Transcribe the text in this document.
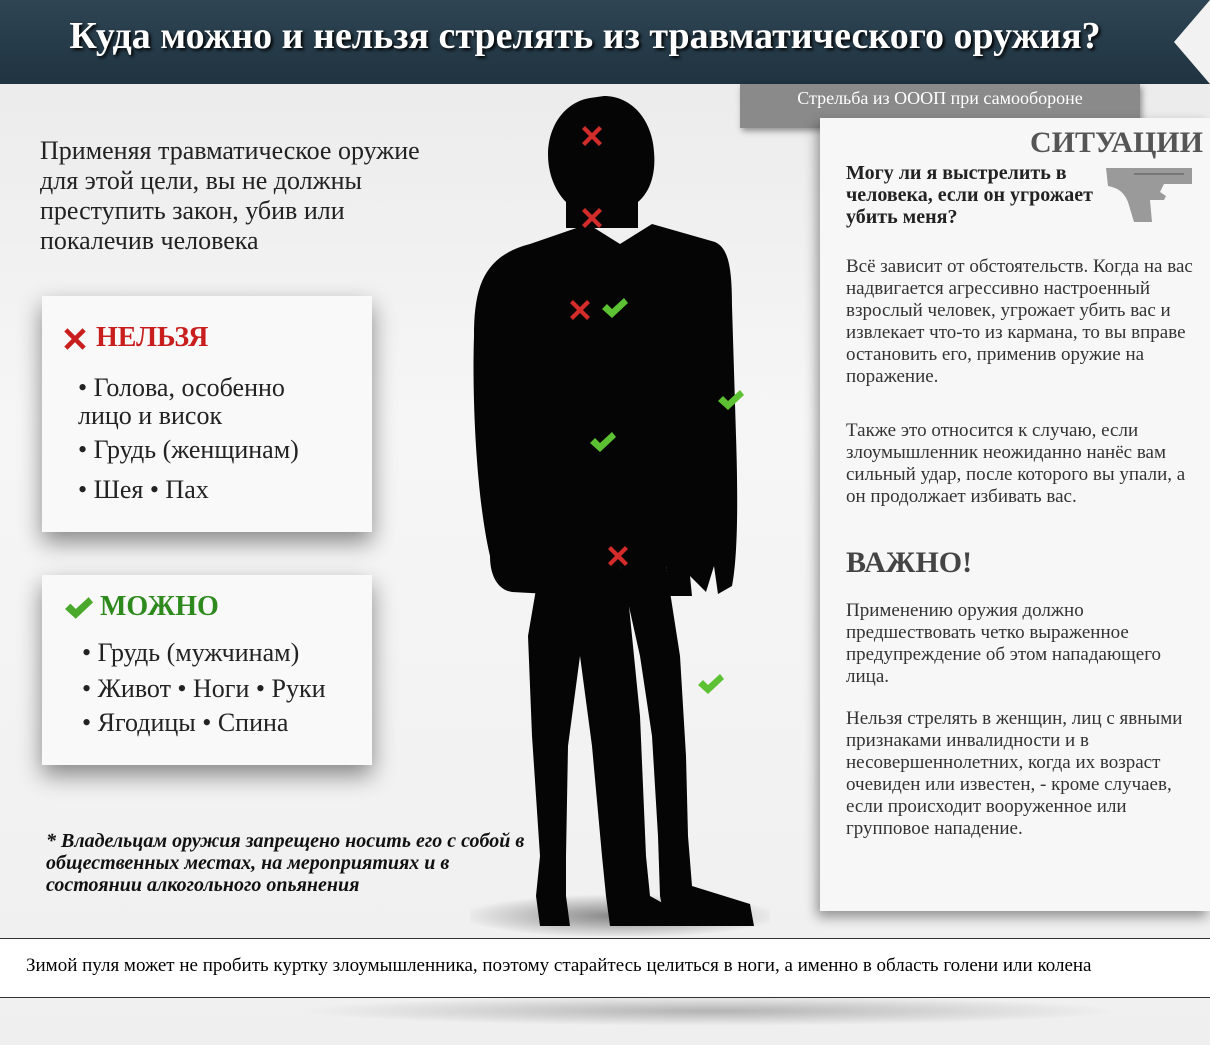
Куда можно и нельзя стрелять из травматического оружия?
Стрельба из ОООП при самообороне
Применяя травматическое оружие для этой цели, вы не должны преступить закон, убив или покалечив человека
НЕЛЬЗЯ
• Голова, особенно
лицо и висок
• Грудь (женщинам)
• Шея • Пах
МОЖНО
• Грудь (мужчинам)
• Живот • Ноги • Руки
• Ягодицы • Спина
* Владельцам оружия запрещено носить его с собой в общественных местах, на мероприятиях и в состоянии алкогольного опьянения
СИТУАЦИИ
Могу ли я выстрелить в человека, если он угрожает убить меня?
Всё зависит от обстоятельств. Когда на вас надвигается агрессивно настроенный взрослый человек, угрожает убить вас и извлекает что-то из кармана, то вы вправе остановить его, применив оружие на поражение.
Также это относится к случаю, если злоумышленник неожиданно нанёс вам сильный удар, после которого вы упали, а он продолжает избивать вас.
ВАЖНО!
Применению оружия должно предшествовать четко выраженное предупреждение об этом нападающего лица.
Нельзя стрелять в женщин, лиц с явными признаками инвалидности и в несовершеннолетних, когда их возраст очевиден или известен, - кроме случаев, если происходит вооруженное или групповое нападение.
Зимой пуля может не пробить куртку злоумышленника, поэтому старайтесь целиться в ноги, а именно в область голени или колена
